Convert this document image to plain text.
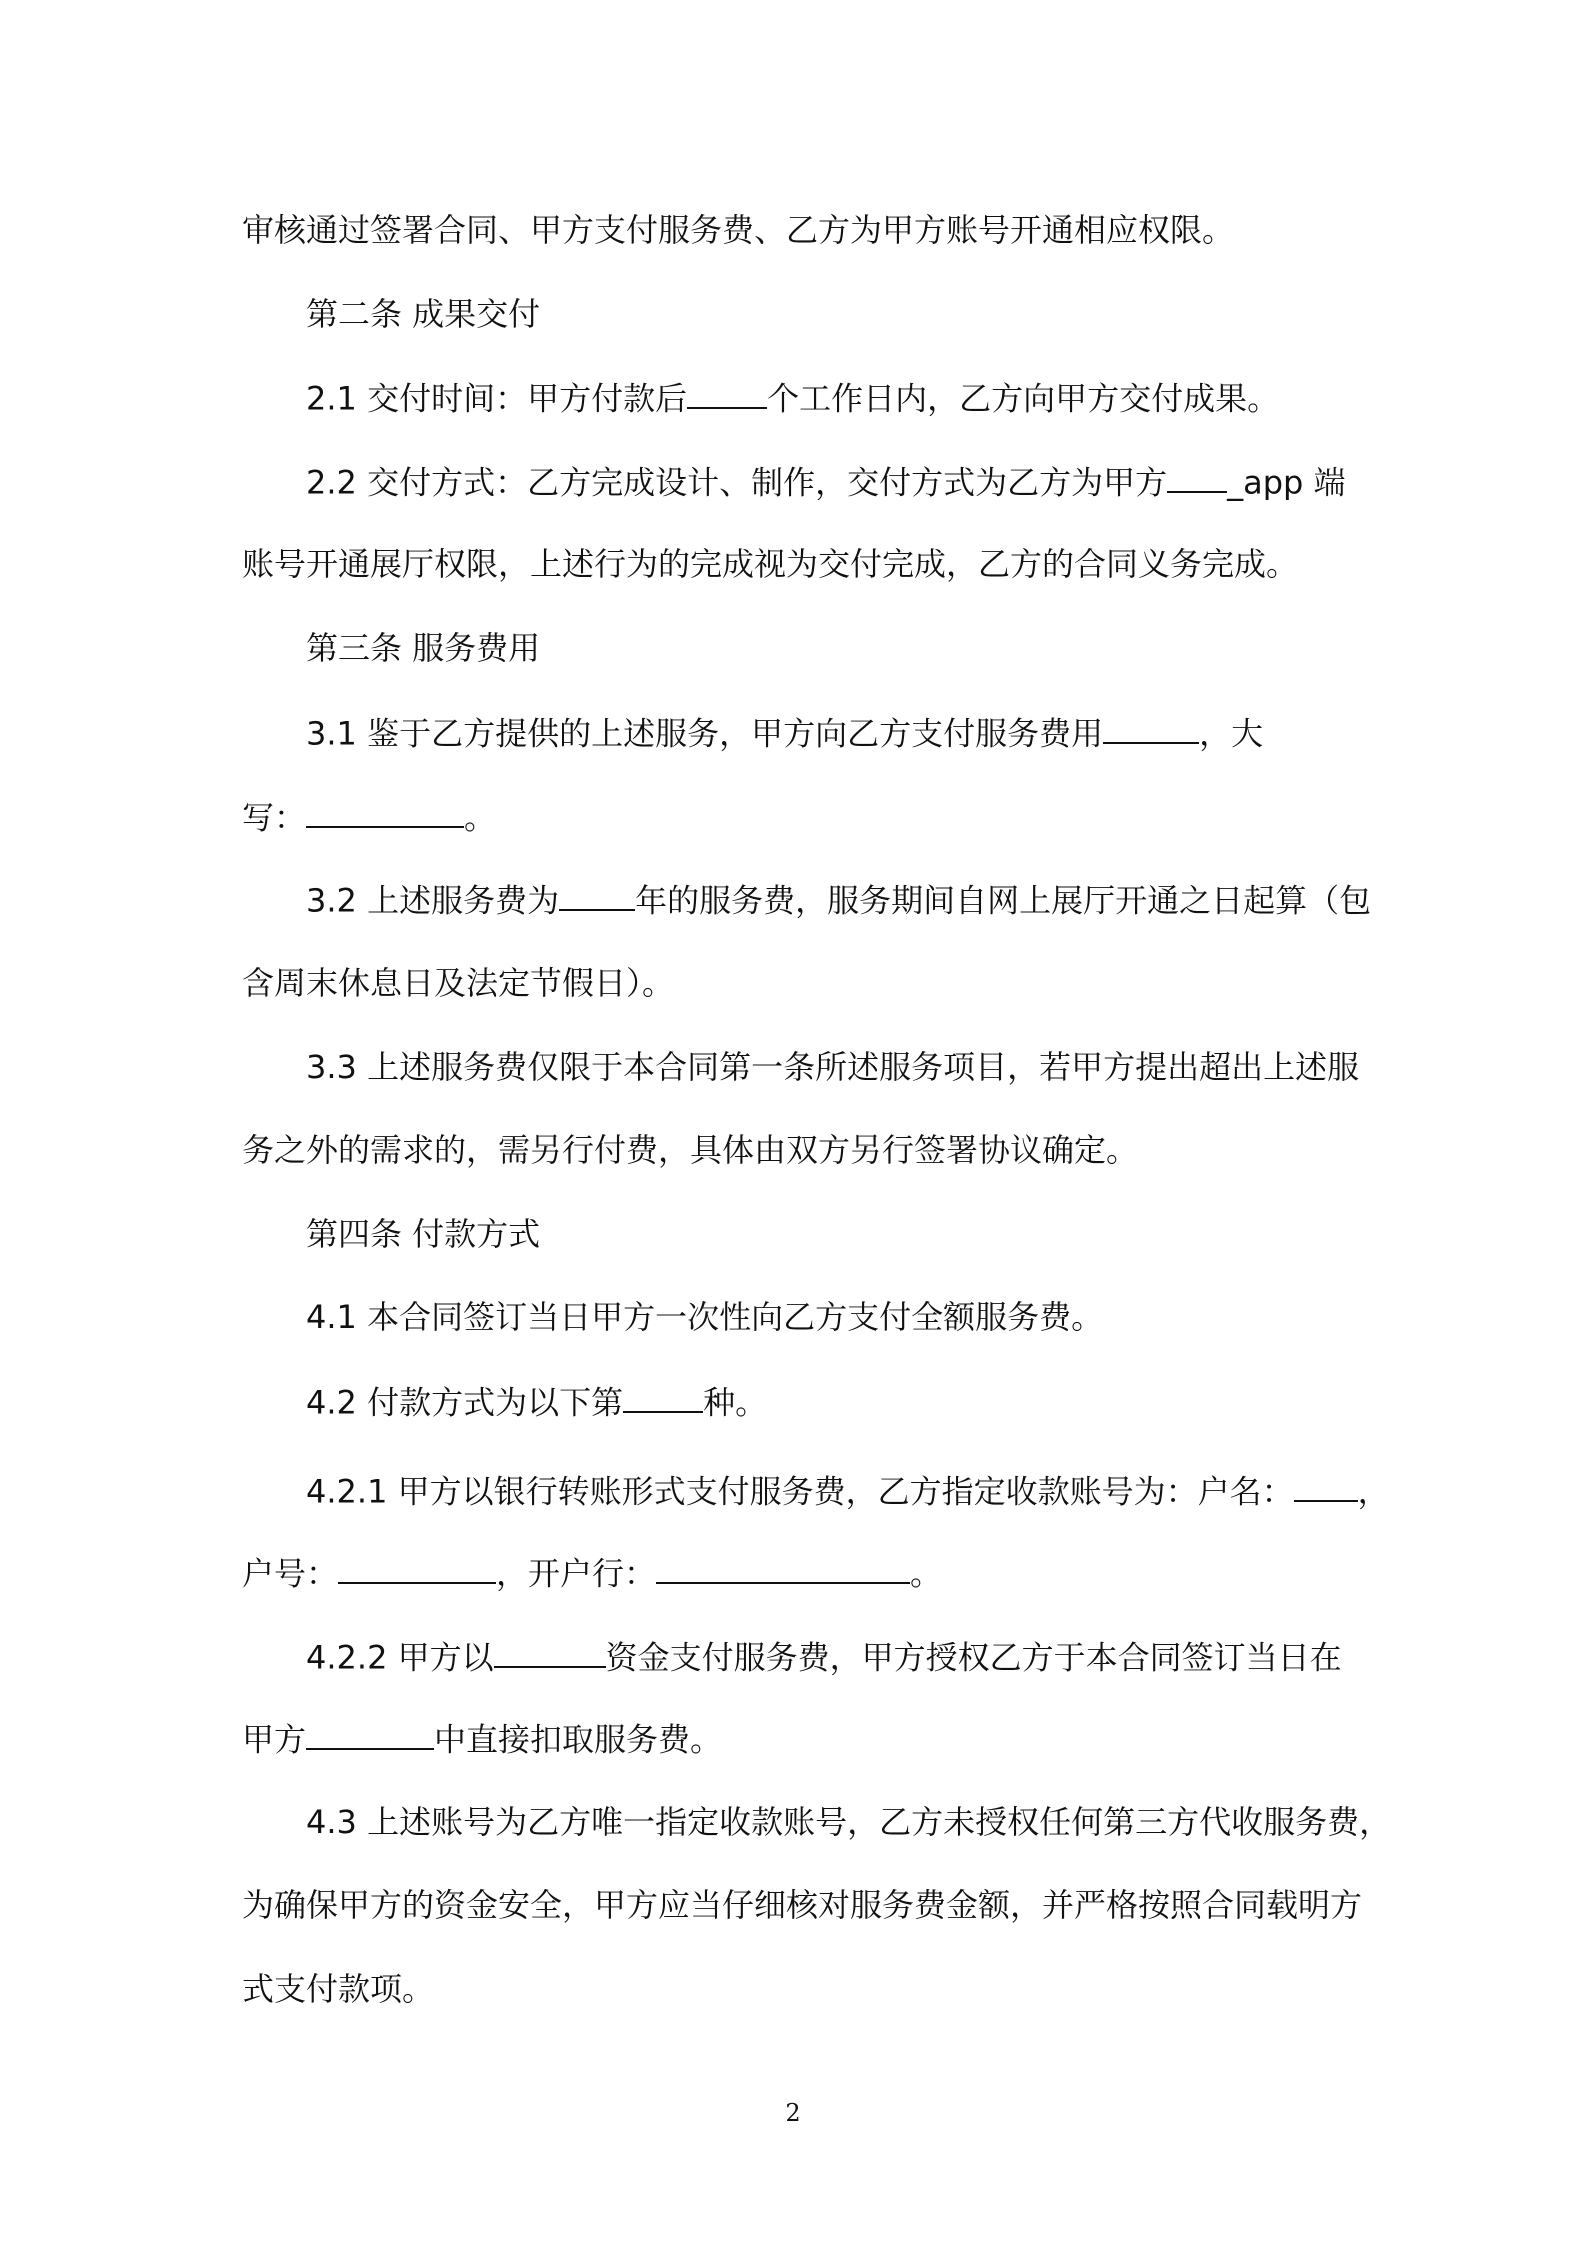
审核通过签署合同、甲方支付服务费、乙方为甲方账号开通相应权限。
第二条 成果交付
2.1 交付时间：甲方付款后	个工作日内，乙方向甲方交付成果。
2.2 交付方式：乙方完成设计、制作，交付方式为乙方为甲方 _app 端
账号开通展厅权限，上述行为的完成视为交付完成，乙方的合同义务完成。
第三条 服务费用
3.1 鉴于乙方提供的上述服务，甲方向乙方支付服务费用	，大
写：	。
3.2 上述服务费为 年的服务费，服务期间自网上展厅开通之日起算（包
含周末休息日及法定节假日）。
3.3 上述服务费仅限于本合同第一条所述服务项目，若甲方提出超出上述服
务之外的需求的，需另行付费，具体由双方另行签署协议确定。
第四条 付款方式
4.1 本合同签订当日甲方一次性向乙方支付全额服务费。
4.2 付款方式为以下第	种。
4.2.1 甲方以银行转账形式支付服务费，乙方指定收款账号为：户名： ，
户号：	，开户行：	。
4.2.2 甲方以	资金支付服务费，甲方授权乙方于本合同签订当日在
甲方	中直接扣取服务费。
4.3 上述账号为乙方唯一指定收款账号，乙方未授权任何第三方代收服务费，
为确保甲方的资金安全，甲方应当仔细核对服务费金额，并严格按照合同载明方
式支付款项。
2
